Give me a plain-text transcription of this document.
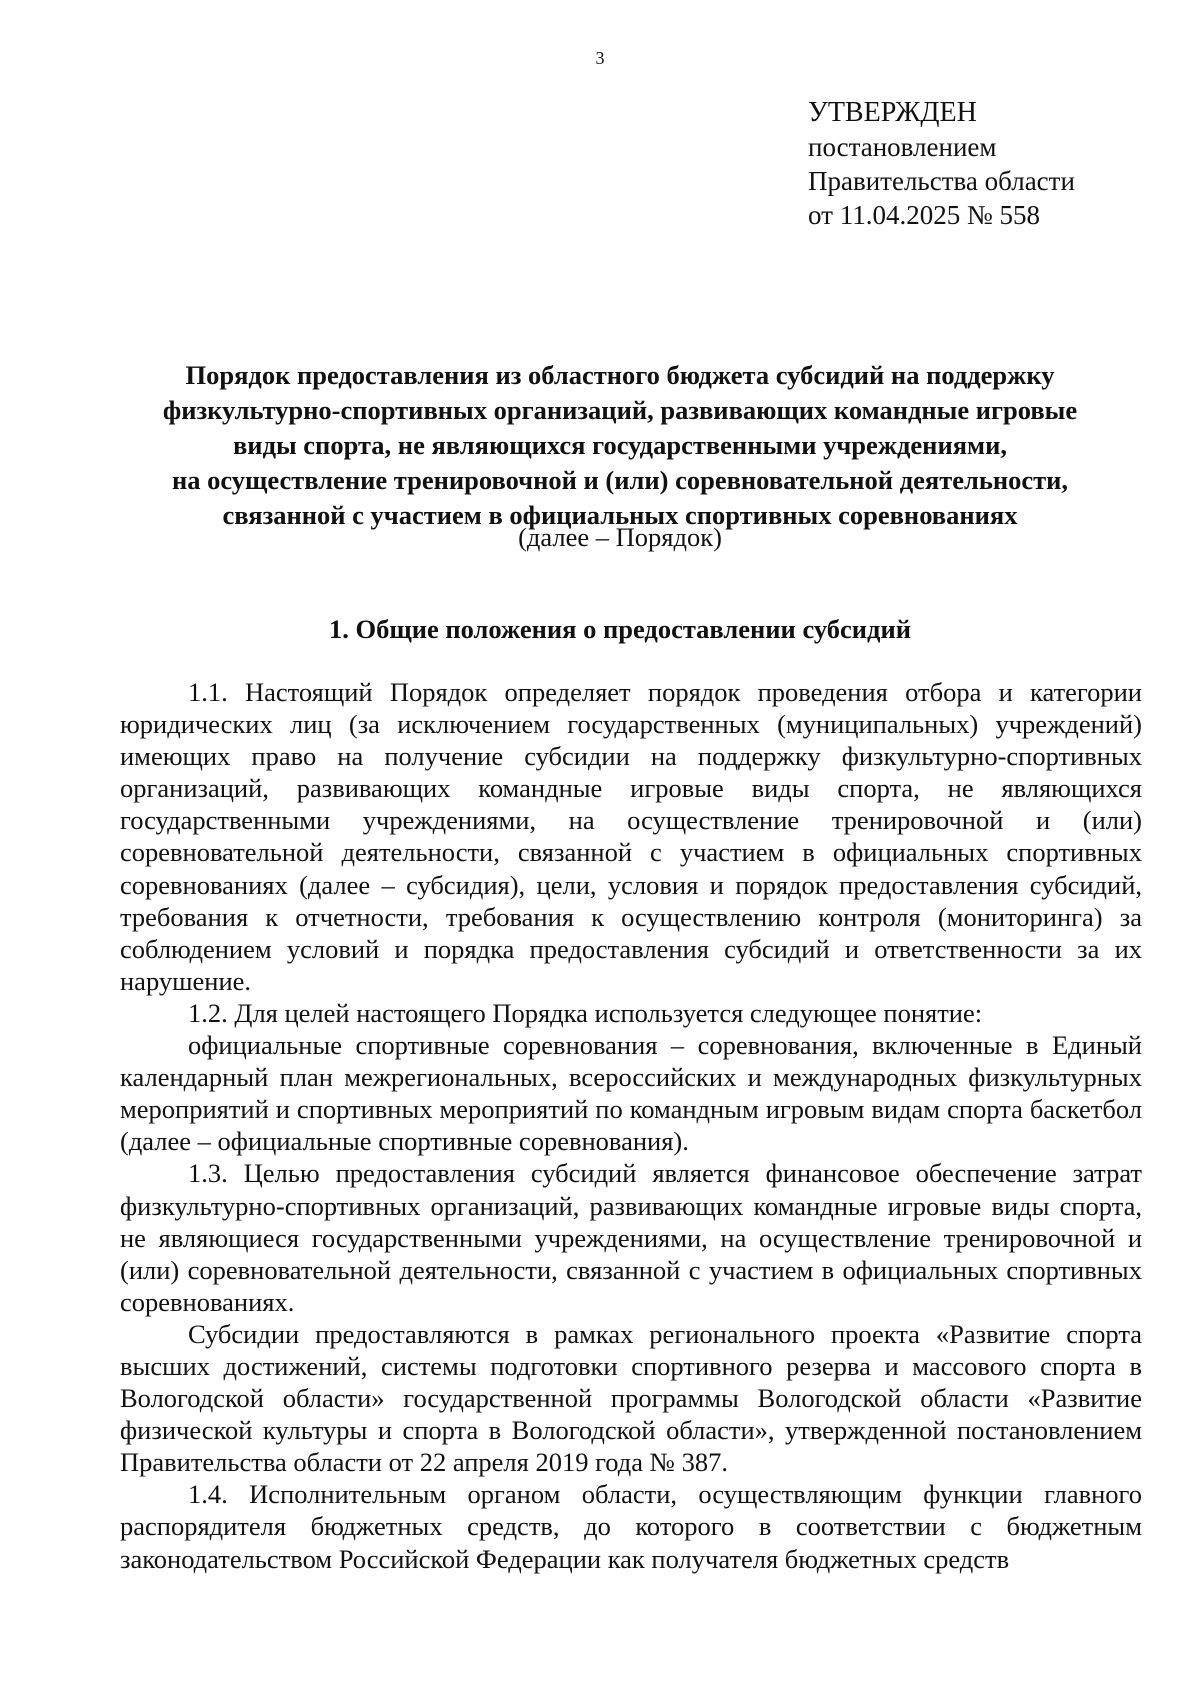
3
УТВЕРЖДЕН
постановлением
Правительства области
от 11.04.2025 № 558
Порядок предоставления из областного бюджета субсидий на поддержку
физкультурно-спортивных организаций, развивающих командные игровые
виды спорта, не являющихся государственными учреждениями,
на осуществление тренировочной и (или) соревновательной деятельности,
связанной с участием в официальных спортивных соревнованиях
(далее – Порядок)
1. Общие положения о предоставлении субсидий

1.1. Настоящий Порядок определяет порядок проведения отбора и категории юридических лиц (за исключением государственных (муниципальных) учреждений) имеющих право на получение субсидии на поддержку физкультурно-спортивных организаций, развивающих командные игровые виды спорта, не являющихся государственными учреждениями, на осуществление тренировочной и (или) соревновательной деятельности, связанной с участием в официальных спортивных соревнованиях (далее – субсидия), цели, условия и порядок предоставления субсидий, требования к отчетности, требования к осуществлению контроля (мониторинга) за соблюдением условий и порядка предоставления субсидий и ответственности за их нарушение.

1.2. Для целей настоящего Порядка используется следующее понятие:

официальные спортивные соревнования – соревнования, включенные в Единый календарный план межрегиональных, всероссийских и международных физкультурных мероприятий и спортивных мероприятий по командным игровым видам спорта баскетбол (далее – официальные спортивные соревнования).

1.3. Целью предоставления субсидий является финансовое обеспечение затрат физкультурно-спортивных организаций, развивающих командные игровые виды спорта, не являющиеся государственными учреждениями, на осуществление тренировочной и (или) соревновательной деятельности, связанной с участием в официальных спортивных соревнованиях.

Субсидии предоставляются в рамках регионального проекта «Развитие спорта высших достижений, системы подготовки спортивного резерва и массового спорта в Вологодской области» государственной программы Вологодской области «Развитие физической культуры и спорта в Вологодской области», утвержденной постановлением Правительства области от 22 апреля 2019 года № 387.

1.4. Исполнительным органом области, осуществляющим функции главного распорядителя бюджетных средств, до которого в соответствии с бюджетным законодательством Российской Федерации как получателя бюджетных средств
